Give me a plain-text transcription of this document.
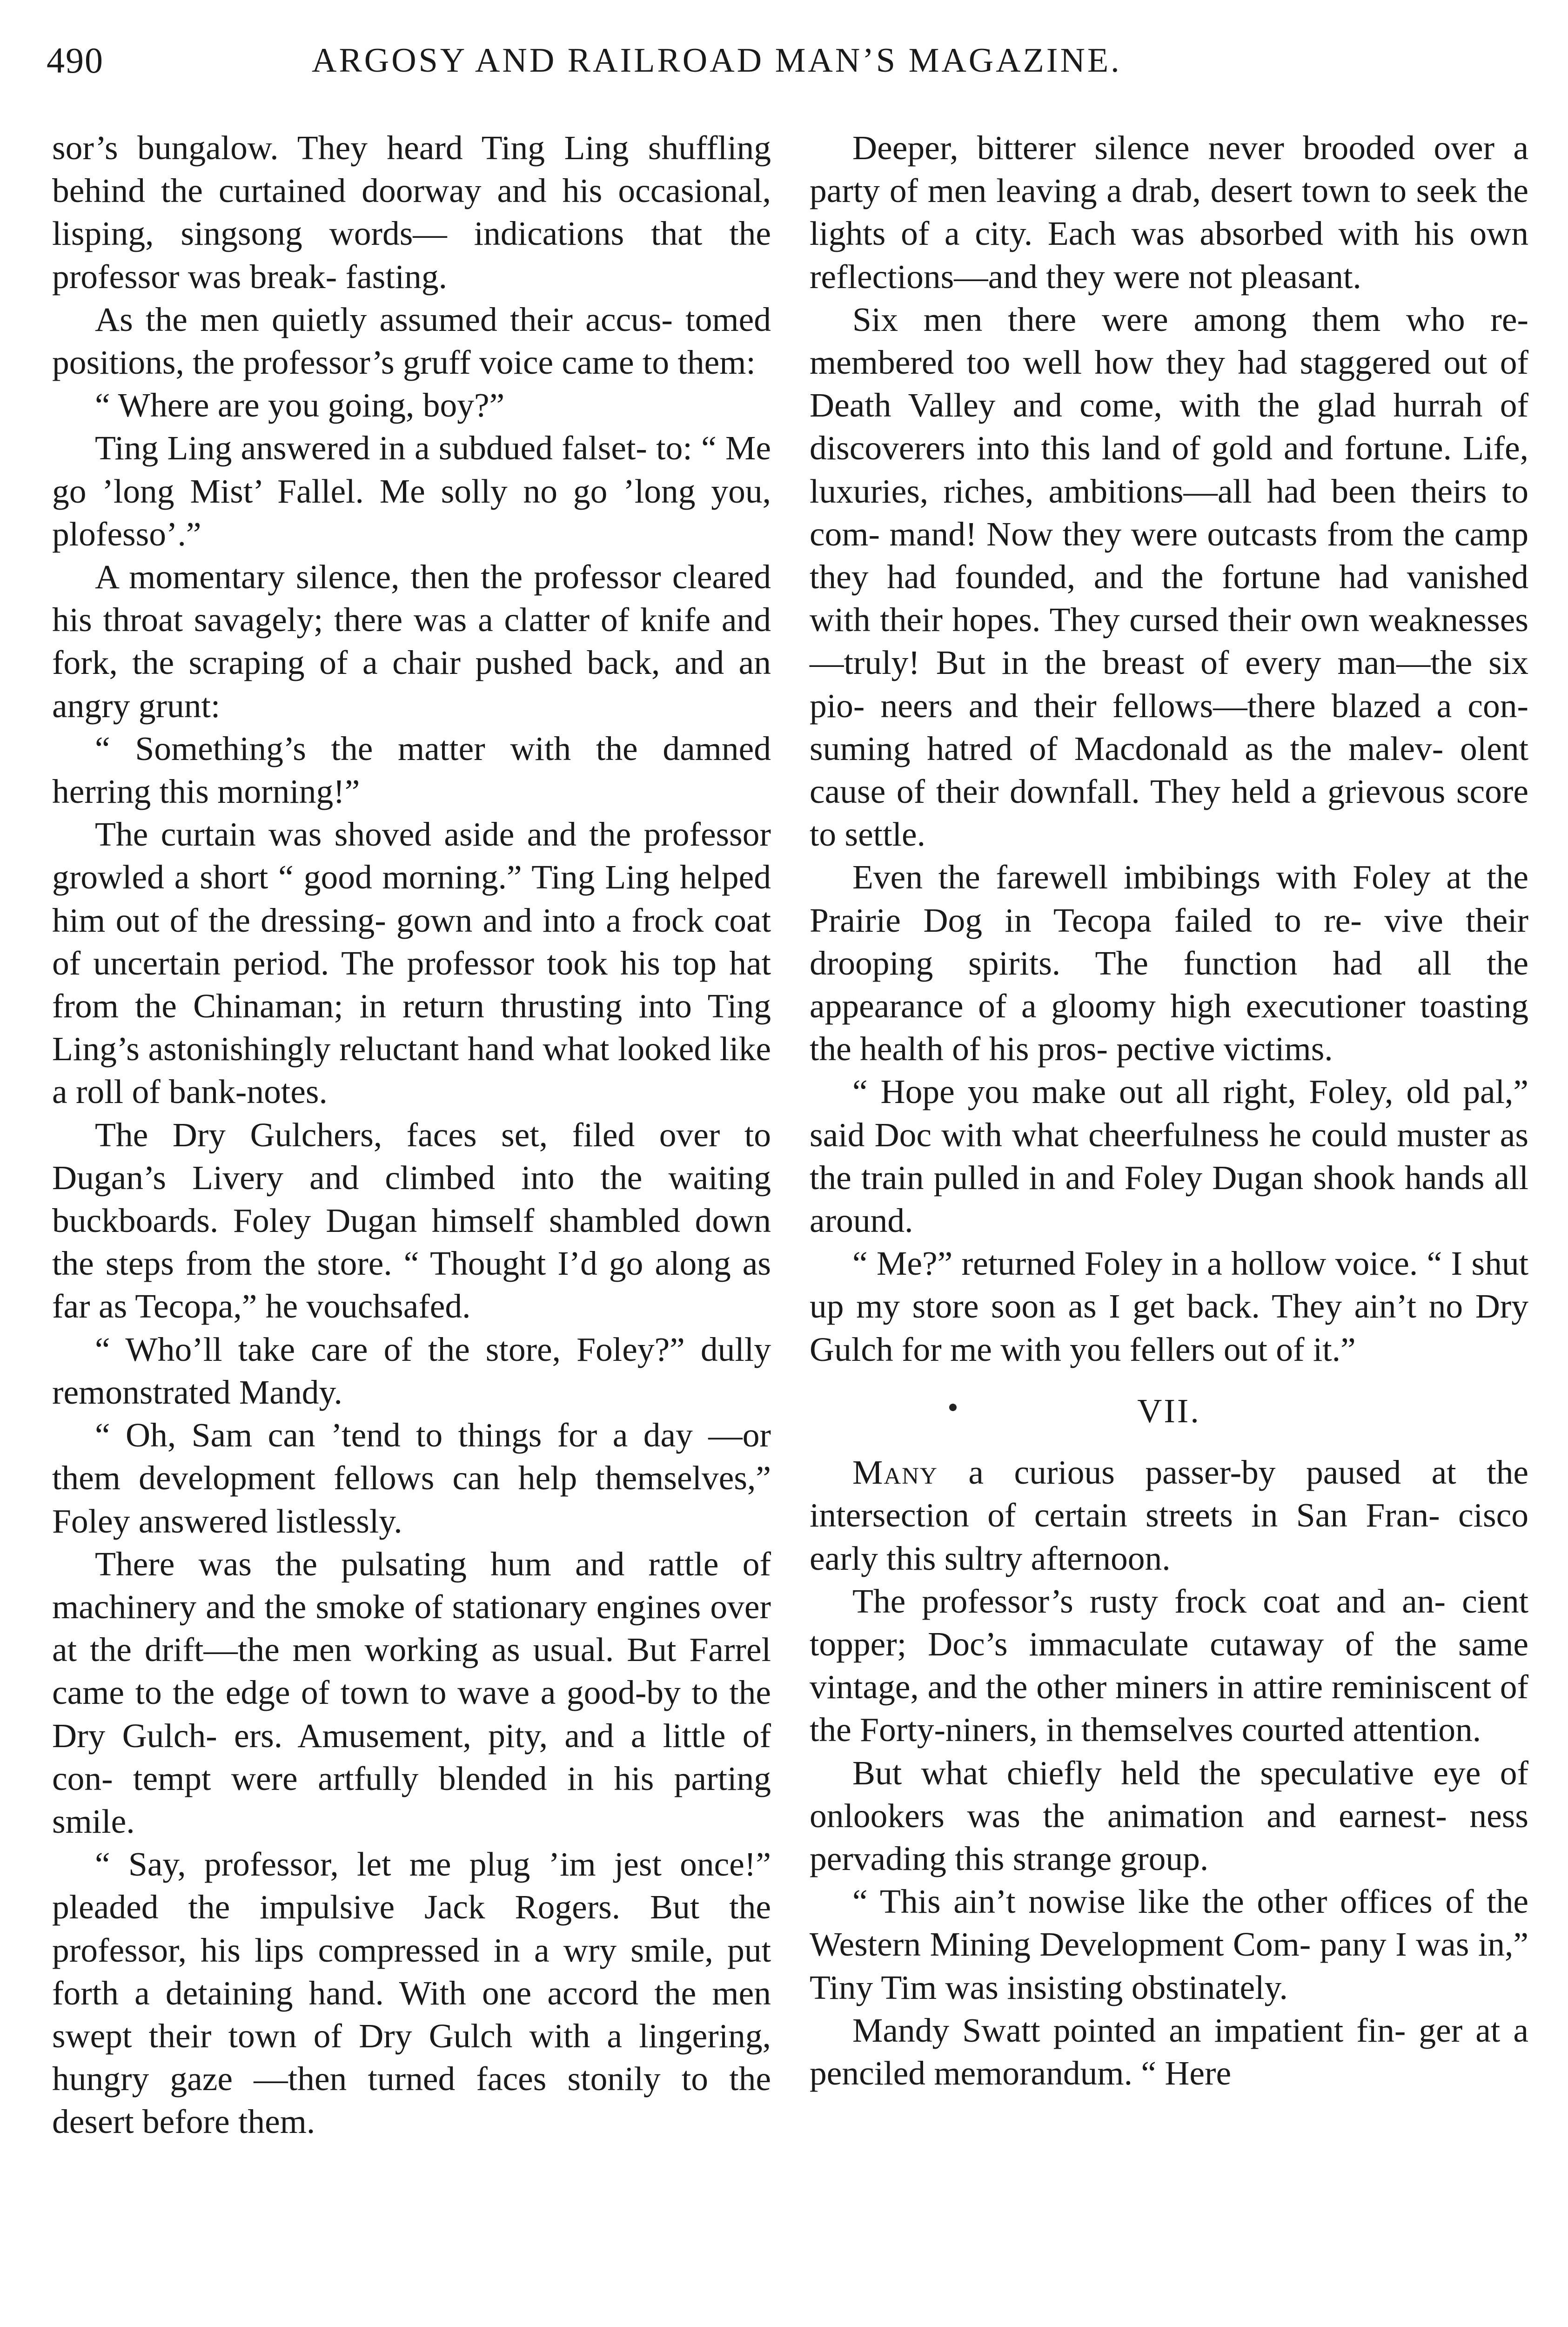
490	ARGOSY AND RAILROAD MAN’S MAGAZINE.

sor’s bungalow. They heard Ting Ling shuffling behind the curtained doorway and his occasional, lisping, singsong words— indications that the professor was break- fasting.

As the men quietly assumed their accus- tomed positions, the professor’s gruff voice came to them:

“ Where are you going, boy?”

Ting Ling answered in a subdued falset- to: “ Me go ’long Mist’ Fallel. Me solly no go ’long you, plofesso’.”

A momentary silence, then the professor cleared his throat savagely; there was a clatter of knife and fork, the scraping of a chair pushed back, and an angry grunt:

“ Something’s the matter with the damned herring this morning!”

The curtain was shoved aside and the professor growled a short “ good morning.” Ting Ling helped him out of the dressing- gown and into a frock coat of uncertain period. The professor took his top hat from the Chinaman; in return thrusting into Ting Ling’s astonishingly reluctant hand what looked like a roll of bank-notes.

The Dry Gulchers, faces set, filed over to Dugan’s Livery and climbed into the waiting buckboards. Foley Dugan himself shambled down the steps from the store. “ Thought I’d go along as far as Tecopa,” he vouchsafed.

“ Who’ll take care of the store, Foley?” dully remonstrated Mandy.

“ Oh, Sam can ’tend to things for a day —or them development fellows can help themselves,” Foley answered listlessly.

There was the pulsating hum and rattle of machinery and the smoke of stationary engines over at the drift—the men working as usual. But Farrel came to the edge of town to wave a good-by to the Dry Gulch- ers. Amusement, pity, and a little of con- tempt were artfully blended in his parting smile.

“ Say, professor, let me plug ’im jest once!” pleaded the impulsive Jack Rogers. But the professor, his lips compressed in a wry smile, put forth a detaining hand. With one accord the men swept their town of Dry Gulch with a lingering, hungry gaze —then turned faces stonily to the desert before them.

Deeper, bitterer silence never brooded over a party of men leaving a drab, desert town to seek the lights of a city. Each was absorbed with his own reflections—and they were not pleasant.

Six men there were among them who re- membered too well how they had staggered out of Death Valley and come, with the glad hurrah of discoverers into this land of gold and fortune. Life, luxuries, riches, ambitions—all had been theirs to com- mand! Now they were outcasts from the camp they had founded, and the fortune had vanished with their hopes. They cursed their own weaknesses—truly! But in the breast of every man—the six pio- neers and their fellows—there blazed a con- suming hatred of Macdonald as the malev- olent cause of their downfall. They held a grievous score to settle.

Even the farewell imbibings with Foley at the Prairie Dog in Tecopa failed to re- vive their drooping spirits. The function had all the appearance of a gloomy high executioner toasting the health of his pros- pective victims.

“ Hope you make out all right, Foley, old pal,” said Doc with what cheerfulness he could muster as the train pulled in and Foley Dugan shook hands all around.

“ Me?” returned Foley in a hollow voice. “ I shut up my store soon as I get back. They ain’t no Dry Gulch for me with you fellers out of it.”

VII.

Many a curious passer-by paused at the intersection of certain streets in San Fran- cisco early this sultry afternoon.

The professor’s rusty frock coat and an- cient topper; Doc’s immaculate cutaway of the same vintage, and the other miners in attire reminiscent of the Forty-niners, in themselves courted attention.

But what chiefly held the speculative eye of onlookers was the animation and earnest- ness pervading this strange group.

“ This ain’t nowise like the other offices of the Western Mining Development Com- pany I was in,” Tiny Tim was insisting obstinately.

Mandy Swatt pointed an impatient fin- ger at a penciled memorandum. “ Here
